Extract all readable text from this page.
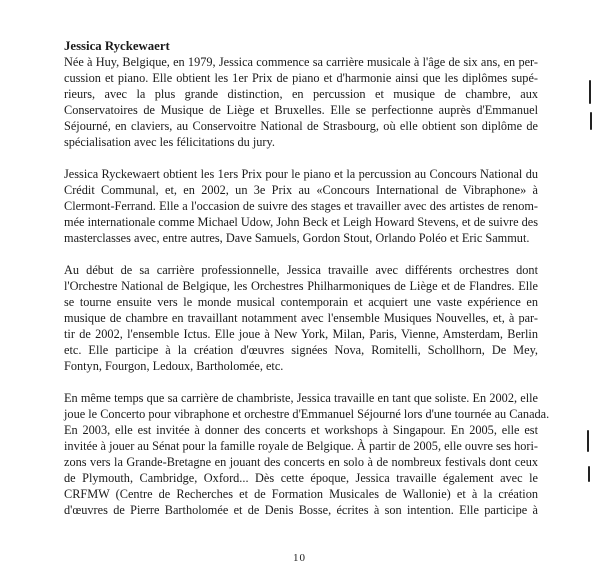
Jessica Ryckewaert
Née à Huy, Belgique, en 1979, Jessica commence sa carrière musicale à l'âge de six ans, en per-
cussion et piano. Elle obtient les 1er Prix de piano et d'harmonie ainsi que les diplômes supé-
rieurs, avec la plus grande distinction, en percussion et musique de chambre, aux
Conservatoires de Musique de Liège et Bruxelles. Elle se perfectionne auprès d'Emmanuel
Séjourné, en claviers, au Conservoitre National de Strasbourg, où elle obtient son diplôme de
spécialisation avec les félicitations du jury.
Jessica Ryckewaert obtient les 1ers Prix pour le piano et la percussion au Concours National du
Crédit Communal, et, en 2002, un 3e Prix au «Concours International de Vibraphone» à
Clermont-Ferrand. Elle a l'occasion de suivre des stages et travailler avec des artistes de renom-
mée internationale comme Michael Udow, John Beck et Leigh Howard Stevens, et de suivre des
masterclasses avec, entre autres, Dave Samuels, Gordon Stout, Orlando Poléo et Eric Sammut.
Au début de sa carrière professionnelle, Jessica travaille avec différents orchestres dont
l'Orchestre National de Belgique, les Orchestres Philharmoniques de Liège et de Flandres. Elle
se tourne ensuite vers le monde musical contemporain et acquiert une vaste expérience en
musique de chambre en travaillant notamment avec l'ensemble Musiques Nouvelles, et, à par-
tir de 2002, l'ensemble Ictus. Elle joue à New York, Milan, Paris, Vienne, Amsterdam, Berlin
etc. Elle participe à la création d'œuvres signées Nova, Romitelli, Schollhorn, De Mey,
Fontyn, Fourgon, Ledoux, Bartholomée, etc.
En même temps que sa carrière de chambriste, Jessica travaille en tant que soliste. En 2002, elle
joue le Concerto pour vibraphone et orchestre d'Emmanuel Séjourné lors d'une tournée au Canada.
En 2003, elle est invitée à donner des concerts et workshops à Singapour. En 2005, elle est
invitée à jouer au Sénat pour la famille royale de Belgique. À partir de 2005, elle ouvre ses hori-
zons vers la Grande-Bretagne en jouant des concerts en solo à de nombreux festivals dont ceux
de Plymouth, Cambridge, Oxford... Dès cette époque, Jessica travaille également avec le
CRFMW (Centre de Recherches et de Formation Musicales de Wallonie) et à la création
d'œuvres de Pierre Bartholomée et de Denis Bosse, écrites à son intention. Elle participe à
10
